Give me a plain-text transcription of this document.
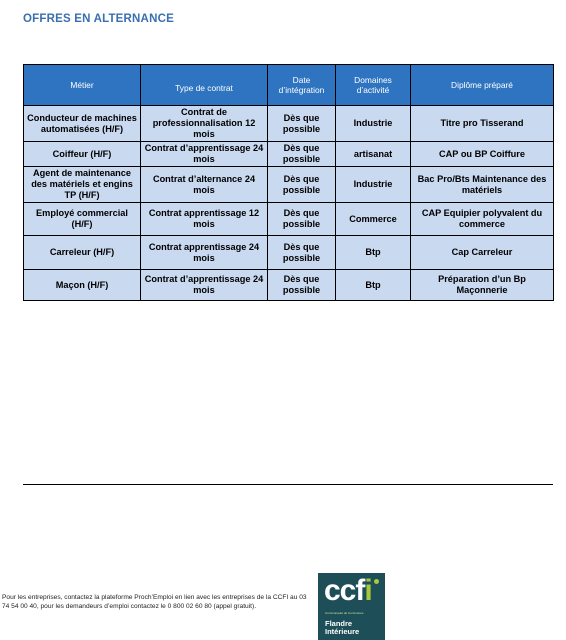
OFFRES EN ALTERNANCE
Métier	Type de contrat	Date d’intégration	Domaines d’activité	Diplôme préparé
Conducteur de machines automatisées (H/F)	Contrat de professionnalisation 12 mois	Dès que possible	Industrie	Titre pro Tisserand
Coiffeur (H/F)	Contrat d’apprentissage 24 mois	Dès que possible	artisanat	CAP ou BP Coiffure
Agent de maintenance des matériels et engins TP (H/F)	Contrat d’alternance 24 mois	Dès que possible	Industrie	Bac Pro/Bts Maintenance des matériels
Employé commercial (H/F)	Contrat apprentissage 12 mois	Dès que possible	Commerce	CAP Equipier polyvalent du commerce
Carreleur (H/F)	Contrat apprentissage 24 mois	Dès que possible	Btp	Cap Carreleur
Maçon (H/F)	Contrat d’apprentissage 24 mois	Dès que possible	Btp	Préparation d’un Bp Maçonnerie
Pour les entreprises, contactez la plateforme Proch’Emploi en lien avec les entreprises de la CCFI au 03 74 54 00 40, pour les demandeurs d’emploi contactez le 0 800 02 60 80 (appel gratuit).	ccfi
Communauté de Communes
Flandre
Intérieure
